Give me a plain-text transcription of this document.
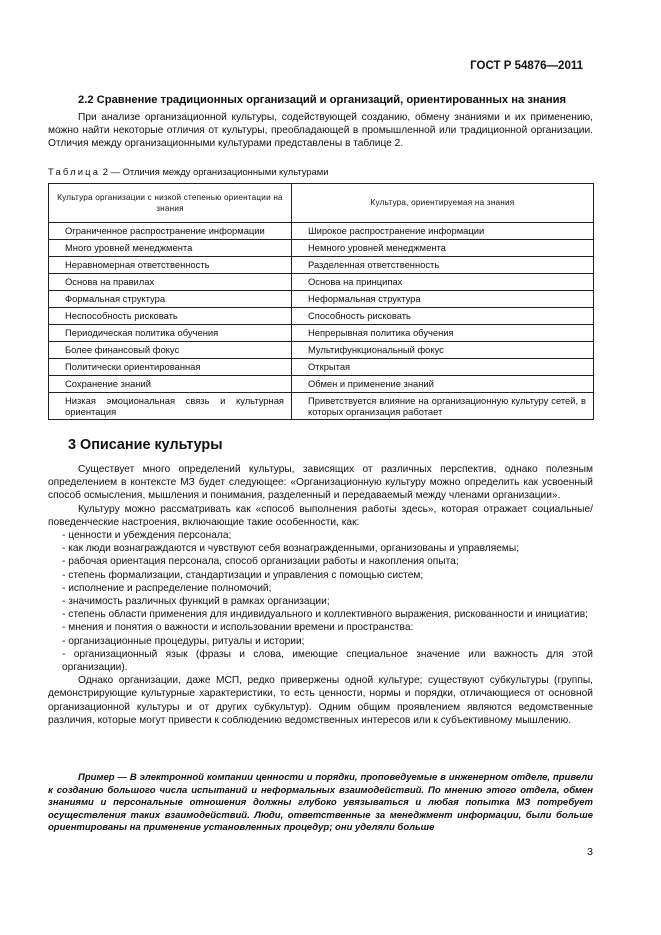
ГОСТ Р 54876—2011
2.2 Сравнение традиционных организаций и организаций, ориентированных на знания

При анализе организационной культуры, содействующей созданию, обмену знаниями и их применению, можно найти некоторые отличия от культуры, преобладающей в промышленной или традиционной организации. Отличия между организационными культурами представлены в таблице 2.

Таблица 2 — Отличия между организационными культурами
Культура организации с низкой степенью ориентации на знания	Культура, ориентируемая на знания
Ограниченное распространение информации	Широкое распространение информации
Много уровней менеджмента	Немного уровней менеджмента
Неравномерная ответственность	Разделенная ответственность
Основа на правилах	Основа на принципах
Формальная структура	Неформальная структура
Неспособность рисковать	Способность рисковать
Периодическая политика обучения	Непрерывная политика обучения
Более финансовый фокус	Мультифункциональный фокус
Политически ориентированная	Открытая
Сохранение знаний	Обмен и применение знаний
Низкая эмоциональная связь и культурная ориентация	Приветствуется влияние на организационную культуру сетей, в которых организация работает
3 Описание культуры

Существует много определений культуры, зависящих от различных перспектив, однако полезным определением в контексте МЗ будет следующее: «Организационную культуру можно определить как усвоенный способ осмысления, мышления и понимания, разделенный и передаваемый между членами организации».

Культуру можно рассматривать как «способ выполнения работы здесь», которая отражает социальные/поведенческие настроения, включающие такие особенности, как:

- ценности и убеждения персонала;

- как люди вознаграждаются и чувствуют себя вознагражденными, организованы и управляемы;

- рабочая ориентация персонала, способ организации работы и накопления опыта;

- степень формализации, стандартизации и управления с помощью систем;

- исполнение и распределение полномочий;

- значимость различных функций в рамках организации;

- степень области применения для индивидуального и коллективного выражения, рискованности и инициатив;

- мнения и понятия о важности и использовании времени и пространства:

- организационные процедуры, ритуалы и истории;

- организационный язык (фразы и слова, имеющие специальное значение или важность для этой организации).

Однако организации, даже МСП, редко привержены одной культуре; существуют субкультуры (группы, демонстрирующие культурные характеристики, то есть ценности, нормы и порядки, отличающиеся от основной организационной культуры и от других субкультур). Одним общим проявлением являются ведомственные различия, которые могут привести к соблюдению ведомственных интересов или к субъективному мышлению.

Пример — В электронной компании ценности и порядки, проповедуемые в инженерном отделе, привели к созданию большого числа испытаний и неформальных взаимодействий. По мнению этого отдела, обмен знаниями и персональные отношения должны глубоко увязываться и любая попытка МЗ потребует осуществления таких взаимодействий. Люди, ответственные за менеджмент информации, были больше ориентированы на применение установленных процедур; они уделяли больше

3
